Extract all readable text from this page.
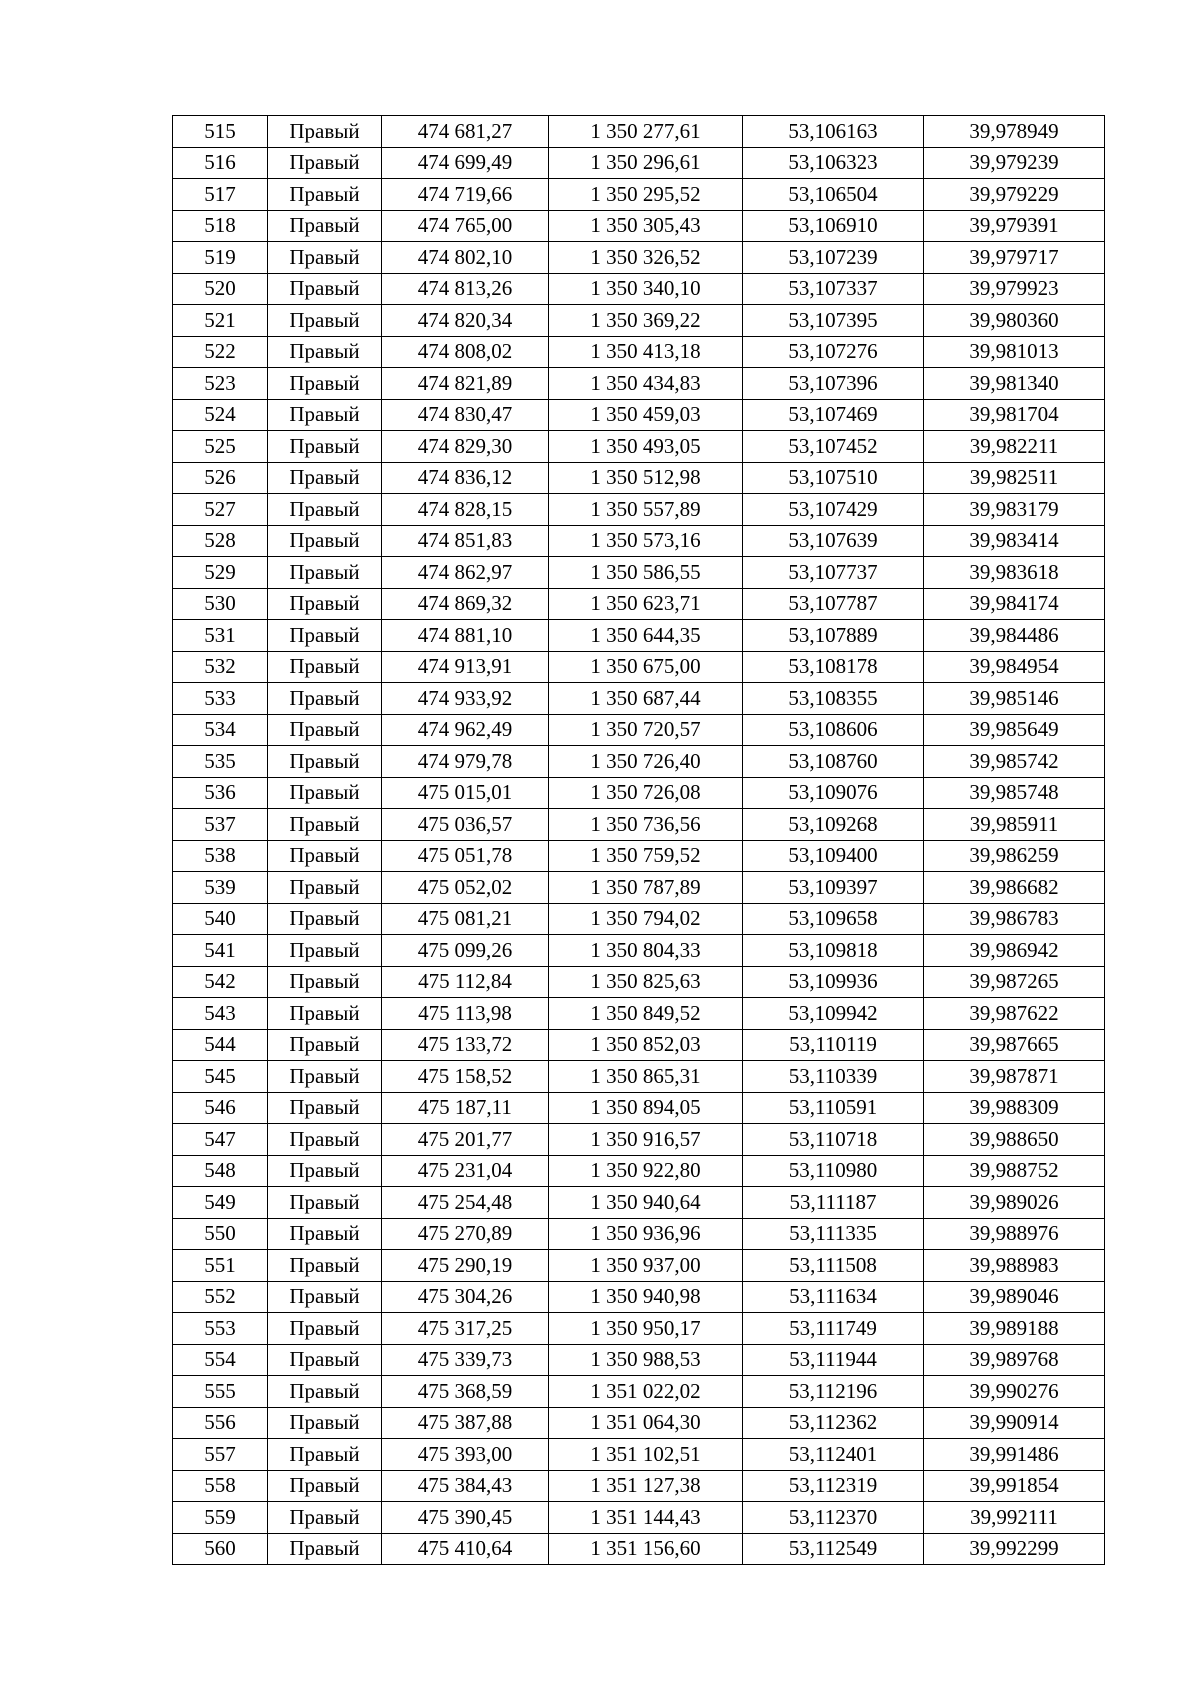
515	Правый	474 681,27	1 350 277,61	53,106163	39,978949
516	Правый	474 699,49	1 350 296,61	53,106323	39,979239
517	Правый	474 719,66	1 350 295,52	53,106504	39,979229
518	Правый	474 765,00	1 350 305,43	53,106910	39,979391
519	Правый	474 802,10	1 350 326,52	53,107239	39,979717
520	Правый	474 813,26	1 350 340,10	53,107337	39,979923
521	Правый	474 820,34	1 350 369,22	53,107395	39,980360
522	Правый	474 808,02	1 350 413,18	53,107276	39,981013
523	Правый	474 821,89	1 350 434,83	53,107396	39,981340
524	Правый	474 830,47	1 350 459,03	53,107469	39,981704
525	Правый	474 829,30	1 350 493,05	53,107452	39,982211
526	Правый	474 836,12	1 350 512,98	53,107510	39,982511
527	Правый	474 828,15	1 350 557,89	53,107429	39,983179
528	Правый	474 851,83	1 350 573,16	53,107639	39,983414
529	Правый	474 862,97	1 350 586,55	53,107737	39,983618
530	Правый	474 869,32	1 350 623,71	53,107787	39,984174
531	Правый	474 881,10	1 350 644,35	53,107889	39,984486
532	Правый	474 913,91	1 350 675,00	53,108178	39,984954
533	Правый	474 933,92	1 350 687,44	53,108355	39,985146
534	Правый	474 962,49	1 350 720,57	53,108606	39,985649
535	Правый	474 979,78	1 350 726,40	53,108760	39,985742
536	Правый	475 015,01	1 350 726,08	53,109076	39,985748
537	Правый	475 036,57	1 350 736,56	53,109268	39,985911
538	Правый	475 051,78	1 350 759,52	53,109400	39,986259
539	Правый	475 052,02	1 350 787,89	53,109397	39,986682
540	Правый	475 081,21	1 350 794,02	53,109658	39,986783
541	Правый	475 099,26	1 350 804,33	53,109818	39,986942
542	Правый	475 112,84	1 350 825,63	53,109936	39,987265
543	Правый	475 113,98	1 350 849,52	53,109942	39,987622
544	Правый	475 133,72	1 350 852,03	53,110119	39,987665
545	Правый	475 158,52	1 350 865,31	53,110339	39,987871
546	Правый	475 187,11	1 350 894,05	53,110591	39,988309
547	Правый	475 201,77	1 350 916,57	53,110718	39,988650
548	Правый	475 231,04	1 350 922,80	53,110980	39,988752
549	Правый	475 254,48	1 350 940,64	53,111187	39,989026
550	Правый	475 270,89	1 350 936,96	53,111335	39,988976
551	Правый	475 290,19	1 350 937,00	53,111508	39,988983
552	Правый	475 304,26	1 350 940,98	53,111634	39,989046
553	Правый	475 317,25	1 350 950,17	53,111749	39,989188
554	Правый	475 339,73	1 350 988,53	53,111944	39,989768
555	Правый	475 368,59	1 351 022,02	53,112196	39,990276
556	Правый	475 387,88	1 351 064,30	53,112362	39,990914
557	Правый	475 393,00	1 351 102,51	53,112401	39,991486
558	Правый	475 384,43	1 351 127,38	53,112319	39,991854
559	Правый	475 390,45	1 351 144,43	53,112370	39,992111
560	Правый	475 410,64	1 351 156,60	53,112549	39,992299
